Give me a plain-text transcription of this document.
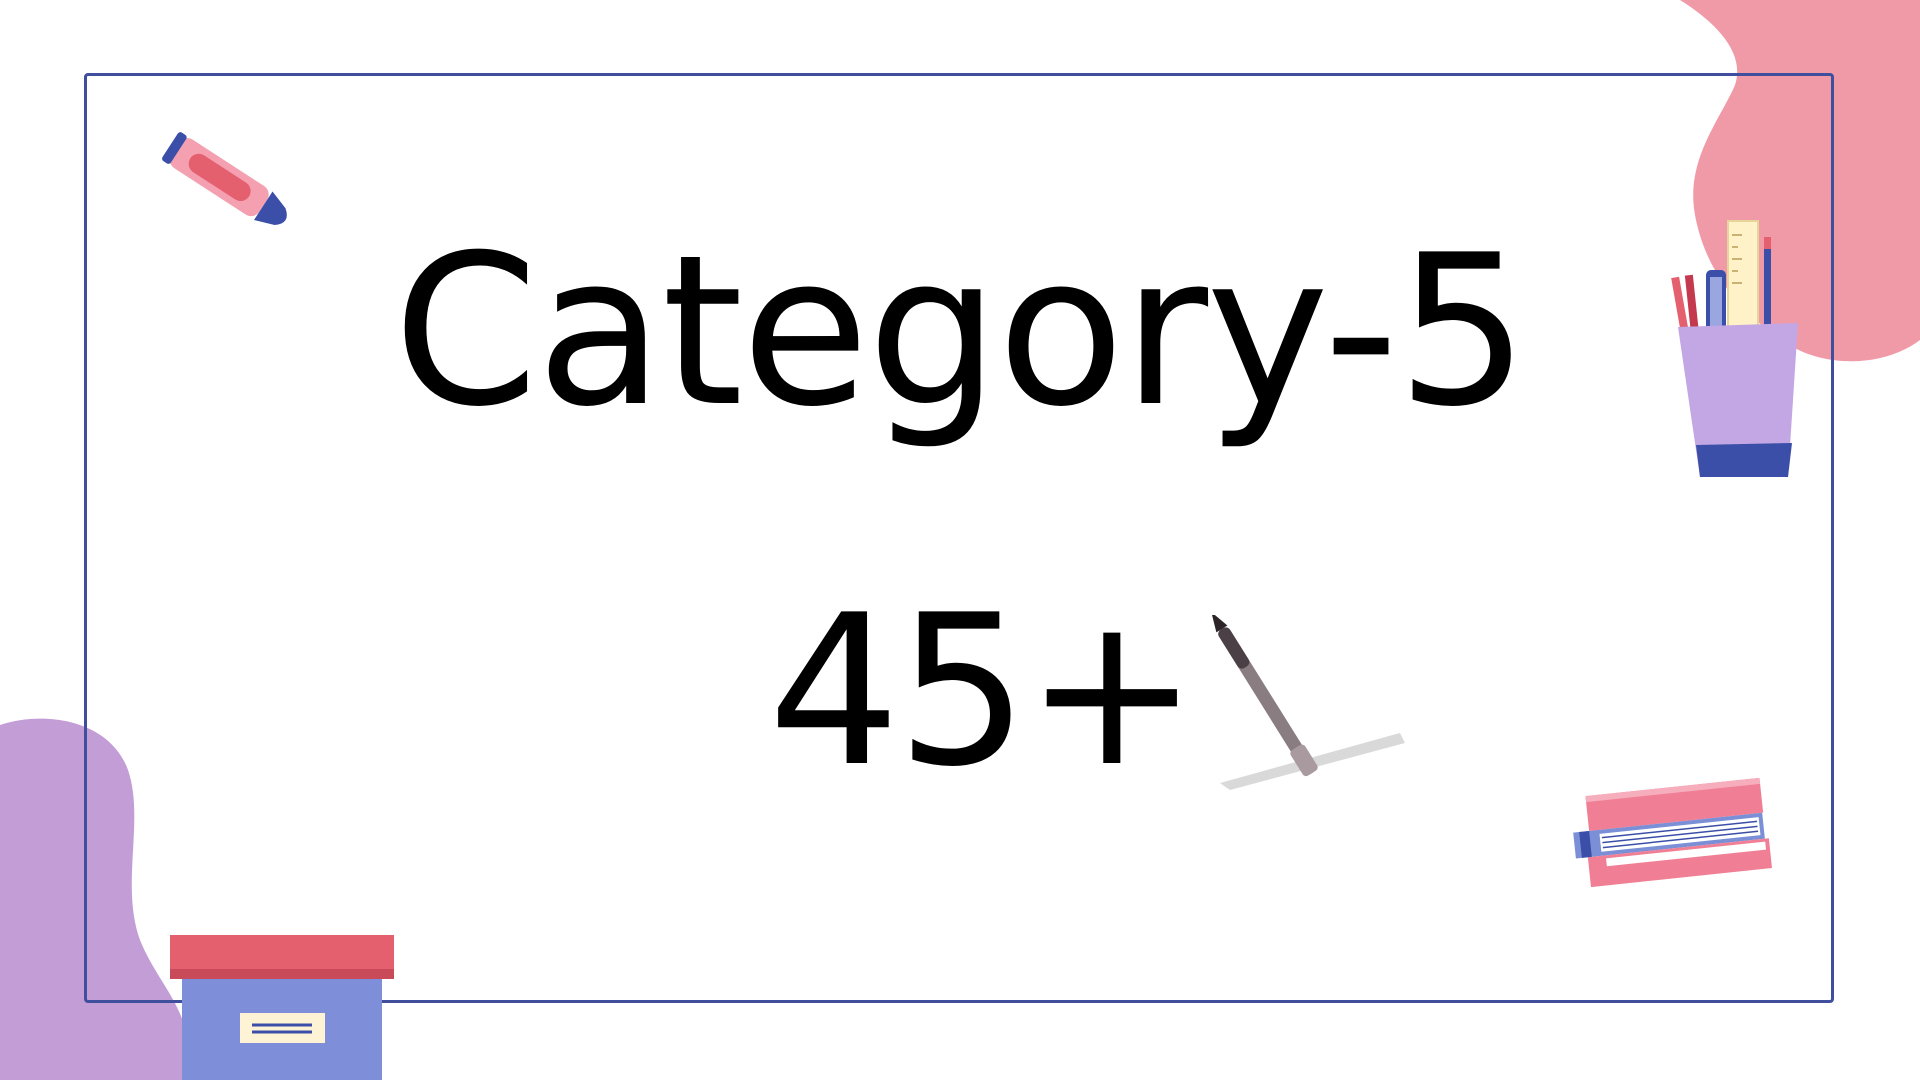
Category-5
45+
